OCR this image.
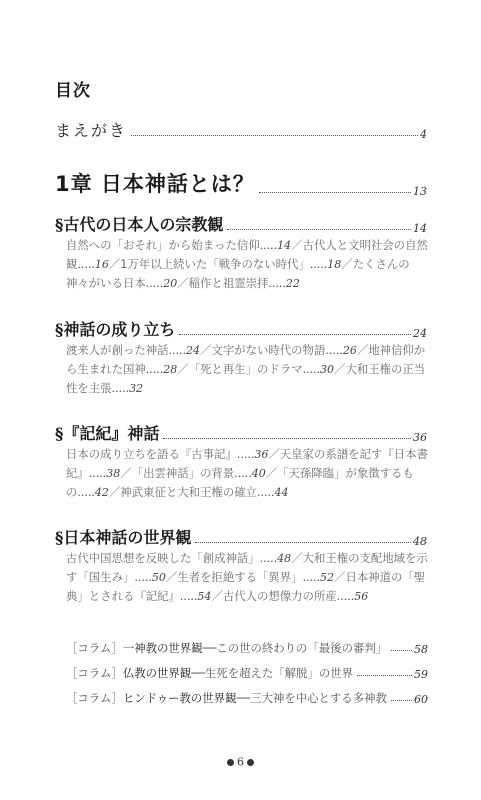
目次
まえがき	4
1章 日本神話とは？	13
§古代の日本人の宗教観	14
自然への「おそれ」から始まった信仰.....14／古代人と文明社会の自然観.....16／1万年以上続いた「戦争のない時代」.....18／たくさんの神々がいる日本.....20／稲作と祖霊崇拝.....22
§神話の成り立ち	24
渡来人が創った神話.....24／文字がない時代の物語.....26／地神信仰から生まれた国神.....28／「死と再生」のドラマ.....30／大和王権の正当性を主張.....32
§『記紀』神話	36
日本の成り立ちを語る『古事記』.....36／天皇家の系譜を記す『日本書紀』.....38／「出雲神話」の背景.....40／「天孫降臨」が象徴するもの.....42／神武東征と大和王権の確立.....44
§日本神話の世界観	48
古代中国思想を反映した「創成神話」.....48／大和王権の支配地域を示す「国生み」.....50／生者を拒絶する「異界」.....52／日本神道の「聖典」とされる『記紀』.....54／古代人の想像力の所産.....56
［コラム］一神教の世界観──この世の終わりの「最後の審判」 58
［コラム］仏教の世界観──生死を超えた「解脱」の世界	59
［コラム］ヒンドゥー教の世界観──三大神を中心とする多神教 60
6
